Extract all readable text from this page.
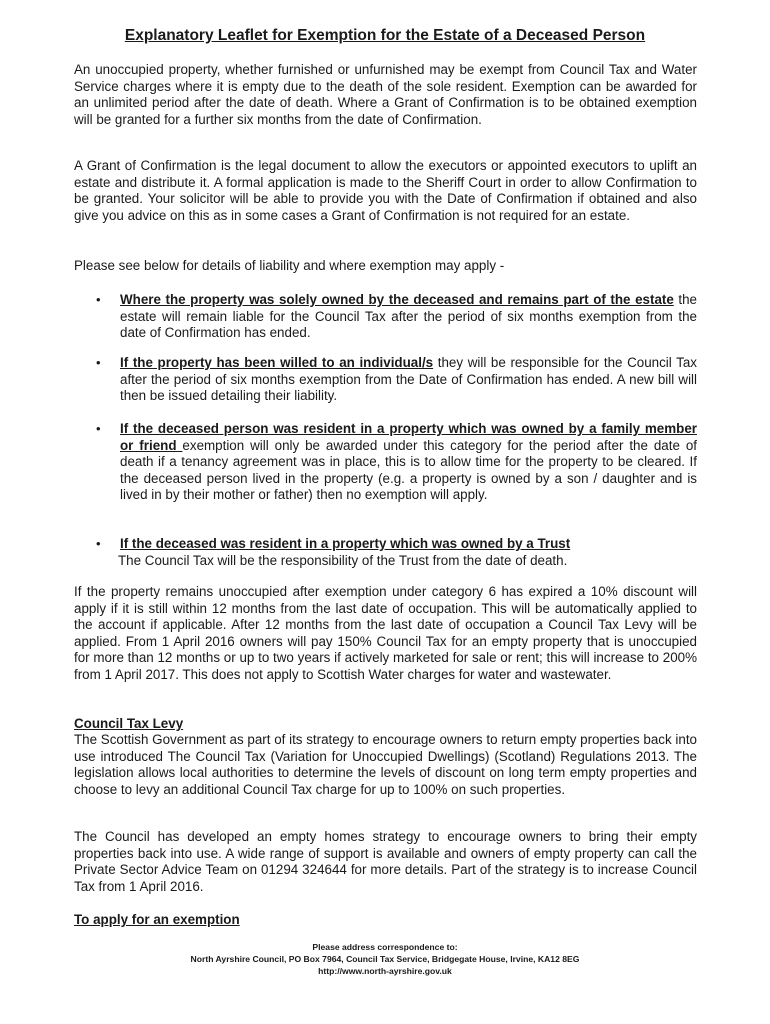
Explanatory Leaflet for Exemption for the Estate of a Deceased Person
An unoccupied property, whether furnished or unfurnished may be exempt from Council Tax and Water Service charges where it is empty due to the death of the sole resident. Exemption can be awarded for an unlimited period after the date of death. Where a Grant of Confirmation is to be obtained exemption will be granted for a further six months from the date of Confirmation.
A Grant of Confirmation is the legal document to allow the executors or appointed executors to uplift an estate and distribute it. A formal application is made to the Sheriff Court in order to allow Confirmation to be granted. Your solicitor will be able to provide you with the Date of Confirmation if obtained and also give you advice on this as in some cases a Grant of Confirmation is not required for an estate.
Please see below for details of liability and where exemption may apply -
• Where the property was solely owned by the deceased and remains part of the estate the estate will remain liable for the Council Tax after the period of six months exemption from the date of Confirmation has ended.
• If the property has been willed to an individual/s they will be responsible for the Council Tax after the period of six months exemption from the Date of Confirmation has ended. A new bill will then be issued detailing their liability.
• If the deceased person was resident in a property which was owned by a family member or friend exemption will only be awarded under this category for the period after the date of death if a tenancy agreement was in place, this is to allow time for the property to be cleared. If the deceased person lived in the property (e.g. a property is owned by a son / daughter and is lived in by their mother or father) then no exemption will apply.
• If the deceased was resident in a property which was owned by a Trust
The Council Tax will be the responsibility of the Trust from the date of death.
If the property remains unoccupied after exemption under category 6 has expired a 10% discount will apply if it is still within 12 months from the last date of occupation. This will be automatically applied to the account if applicable. After 12 months from the last date of occupation a Council Tax Levy will be applied. From 1 April 2016 owners will pay 150% Council Tax for an empty property that is unoccupied for more than 12 months or up to two years if actively marketed for sale or rent; this will increase to 200% from 1 April 2017. This does not apply to Scottish Water charges for water and wastewater.
Council Tax Levy
The Scottish Government as part of its strategy to encourage owners to return empty properties back into use introduced The Council Tax (Variation for Unoccupied Dwellings) (Scotland) Regulations 2013. The legislation allows local authorities to determine the levels of discount on long term empty properties and choose to levy an additional Council Tax charge for up to 100% on such properties.
The Council has developed an empty homes strategy to encourage owners to bring their empty properties back into use. A wide range of support is available and owners of empty property can call the Private Sector Advice Team on 01294 324644 for more details. Part of the strategy is to increase Council Tax from 1 April 2016.
To apply for an exemption
Please address correspondence to:
North Ayrshire Council, PO Box 7964, Council Tax Service, Bridgegate House, Irvine, KA12 8EG
http://www.north-ayrshire.gov.uk
